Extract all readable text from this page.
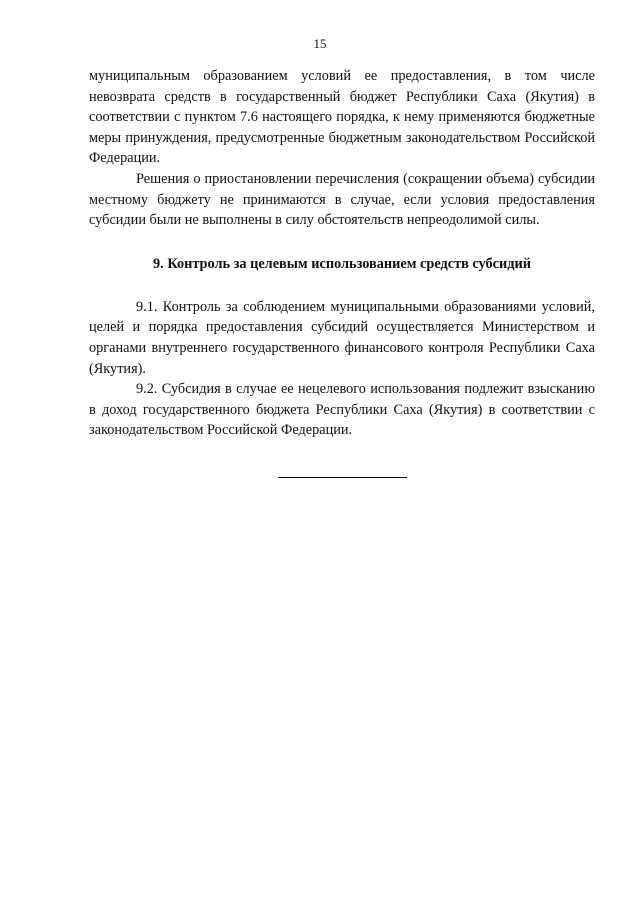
15

муниципальным образованием условий ее предоставления, в том числе невозврата средств в государственный бюджет Республики Саха (Якутия) в соответствии с пунктом 7.6 настоящего порядка, к нему применяются бюджетные меры принуждения, предусмотренные бюджетным законодательством Российской Федерации.

Решения о приостановлении перечисления (сокращении объема) субсидии местному бюджету не принимаются в случае, если условия предоставления субсидии были не выполнены в силу обстоятельств непреодолимой силы.

9. Контроль за целевым использованием средств субсидий

9.1. Контроль за соблюдением муниципальными образованиями условий, целей и порядка предоставления субсидий осуществляется Министерством и органами внутреннего государственного финансового контроля Республики Саха (Якутия).

9.2. Субсидия в случае ее нецелевого использования подлежит взысканию в доход государственного бюджета Республики Саха (Якутия) в соответствии с законодательством Российской Федерации.
